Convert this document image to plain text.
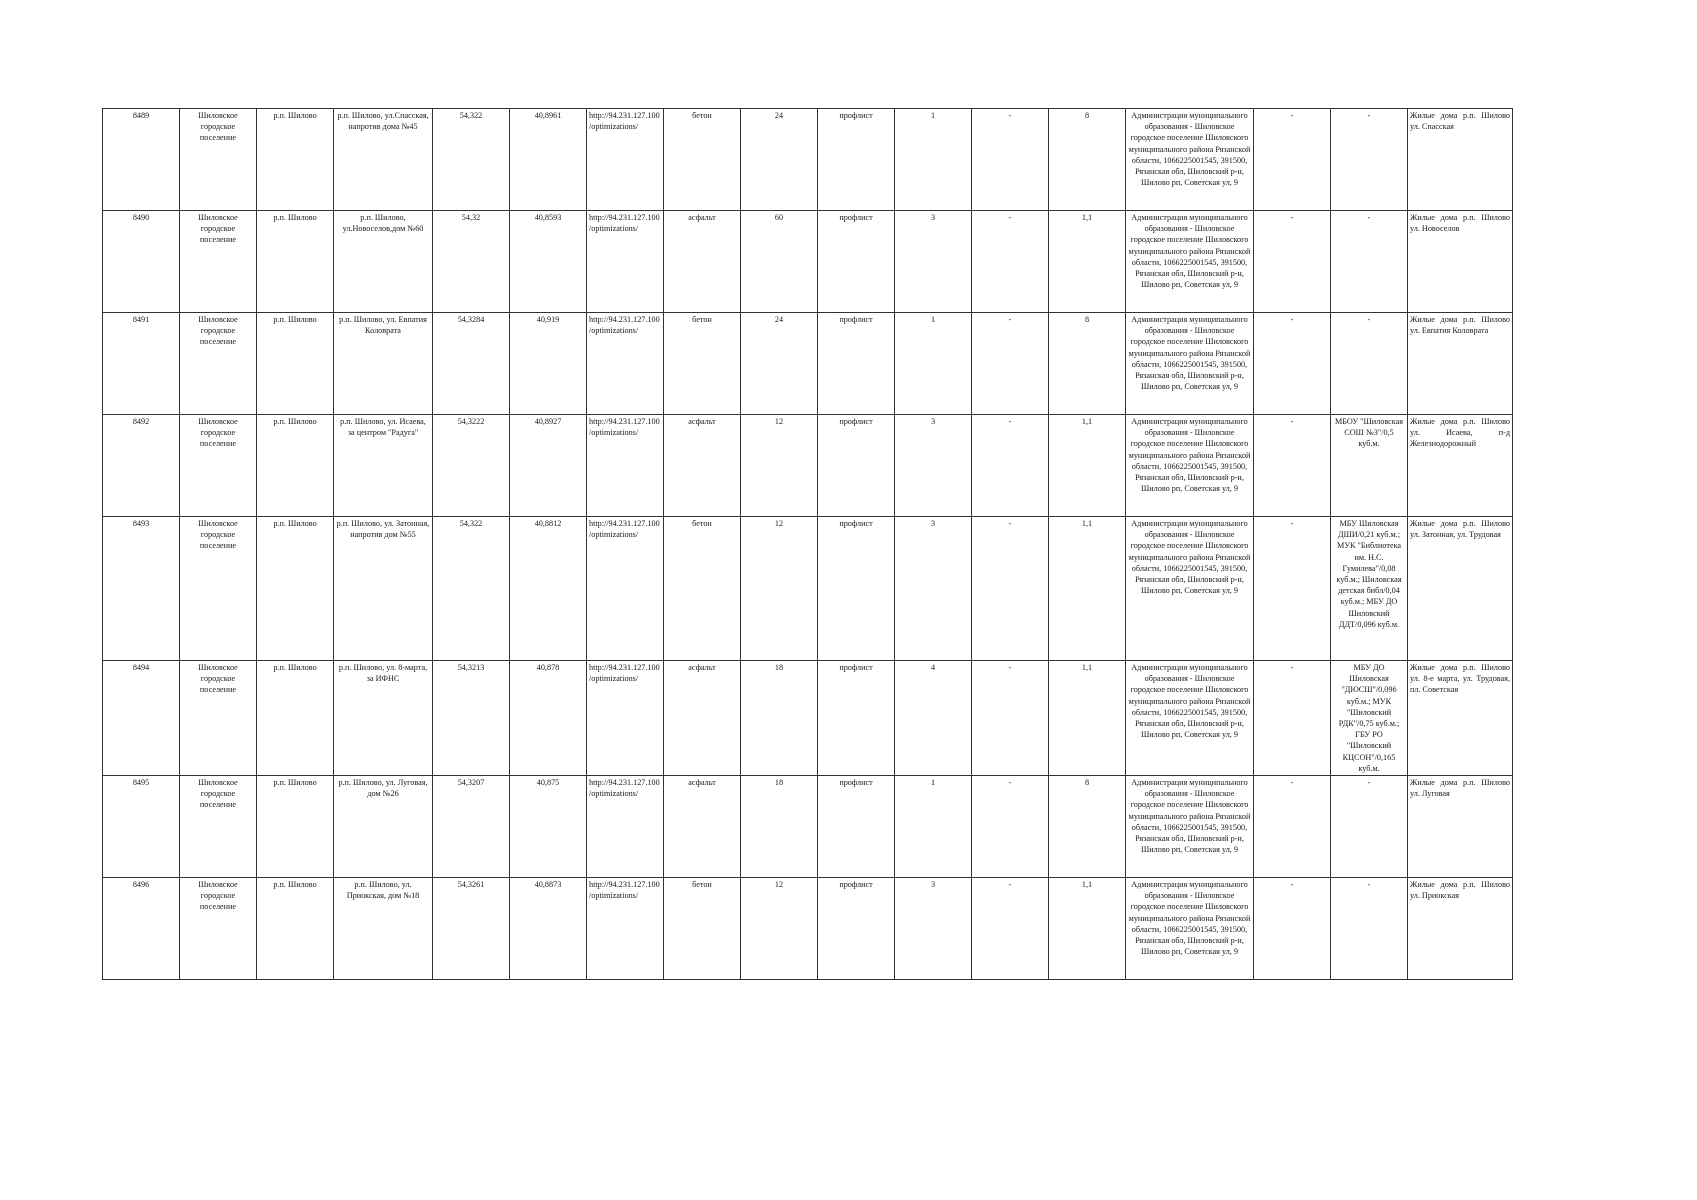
8489	Шиловское городское поселение	р.п. Шилово	р.п. Шилово, ул.Спасская, напротив дома №45	54,322	40,8961	http://94.231.127.100/optimizations/	бетон	24	профлист	1	-	8	Администрация муниципального образования - Шиловское городское поселение Шиловского муниципального района Рязанской области, 1066225001545, 391500, Рязанская обл, Шиловский р-н, Шилово рп, Советская ул, 9	-	-	Жилые дома р.п. Шилово ул. Спасская
8490	Шиловское городское поселение	р.п. Шилово	р.п. Шилово, ул.Новоселов,дом №60	54,32	40,8593	http://94.231.127.100/optimizations/	асфальт	60	профлист	3	-	1,1	Администрация муниципального образования - Шиловское городское поселение Шиловского муниципального района Рязанской области, 1066225001545, 391500, Рязанская обл, Шиловский р-н, Шилово рп, Советская ул, 9	-	-	Жилые дома р.п. Шилово ул. Новоселов
8491	Шиловское городское поселение	р.п. Шилово	р.п. Шилово, ул. Евпатия Коловрата	54,3284	40,919	http://94.231.127.100/optimizations/	бетон	24	профлист	1	-	8	Администрация муниципального образования - Шиловское городское поселение Шиловского муниципального района Рязанской области, 1066225001545, 391500, Рязанская обл, Шиловский р-н, Шилово рп, Советская ул, 9	-	-	Жилые дома р.п. Шилово ул. Евпатия Коловрата
8492	Шиловское городское поселение	р.п. Шилово	р.п. Шилово, ул. Исаева, за центром "Радуга"	54,3222	40,8927	http://94.231.127.100/optimizations/	асфальт	12	профлист	3	-	1,1	Администрация муниципального образования - Шиловское городское поселение Шиловского муниципального района Рязанской области, 1066225001545, 391500, Рязанская обл, Шиловский р-н, Шилово рп, Советская ул, 9	-	МБОУ "Шиловская СОШ №3"/0,5 куб.м.	Жилые дома р.п. Шилово ул. Исаева, п-д Железнодорожный
8493	Шиловское городское поселение	р.п. Шилово	р.п. Шилово, ул. Затонная, напротив дом №55	54,322	40,8812	http://94.231.127.100/optimizations/	бетон	12	профлист	3	-	1,1	Администрация муниципального образования - Шиловское городское поселение Шиловского муниципального района Рязанской области, 1066225001545, 391500, Рязанская обл, Шиловский р-н, Шилово рп, Советская ул, 9	-	МБУ Шиловская ДШИ/0,21 куб.м.; МУК "Библиотека им. Н.С. Гумилева"/0,08 куб.м.; Шиловская детская библ/0,04 куб.м.; МБУ ДО Шиловский ДДТ/0,096 куб.м.	Жилые дома р.п. Шилово ул. Затонная, ул. Трудовая
8494	Шиловское городское поселение	р.п. Шилово	р.п. Шилово, ул. 8-марта, за ИФНС	54,3213	40,878	http://94.231.127.100/optimizations/	асфальт	18	профлист	4	-	1,1	Администрация муниципального образования - Шиловское городское поселение Шиловского муниципального района Рязанской области, 1066225001545, 391500, Рязанская обл, Шиловский р-н, Шилово рп, Советская ул, 9	-	МБУ ДО Шиловская "ДЮСШ"/0,096 куб.м.; МУК "Шиловский РДК"/0,75 куб.м.; ГБУ РО "Шиловский КЦСОН"/0,165 куб.м.	Жилые дома р.п. Шилово ул. 8-е марта, ул. Трудовая, пл. Советская
8495	Шиловское городское поселение	р.п. Шилово	р.п. Шилово, ул. Луговая, дом №26	54,3207	40,875	http://94.231.127.100/optimizations/	асфальт	18	профлист	1	-	8	Администрация муниципального образования - Шиловское городское поселение Шиловского муниципального района Рязанской области, 1066225001545, 391500, Рязанская обл, Шиловский р-н, Шилово рп, Советская ул, 9	-	-	Жилые дома р.п. Шилово ул. Луговая
8496	Шиловское городское поселение	р.п. Шилово	р.п. Шилово, ул. Приокская, дом №18	54,3261	40,8873	http://94.231.127.100/optimizations/	бетон	12	профлист	3	-	1,1	Администрация муниципального образования - Шиловское городское поселение Шиловского муниципального района Рязанской области, 1066225001545, 391500, Рязанская обл, Шиловский р-н, Шилово рп, Советская ул, 9	-	-	Жилые дома р.п. Шилово ул. Приокская
